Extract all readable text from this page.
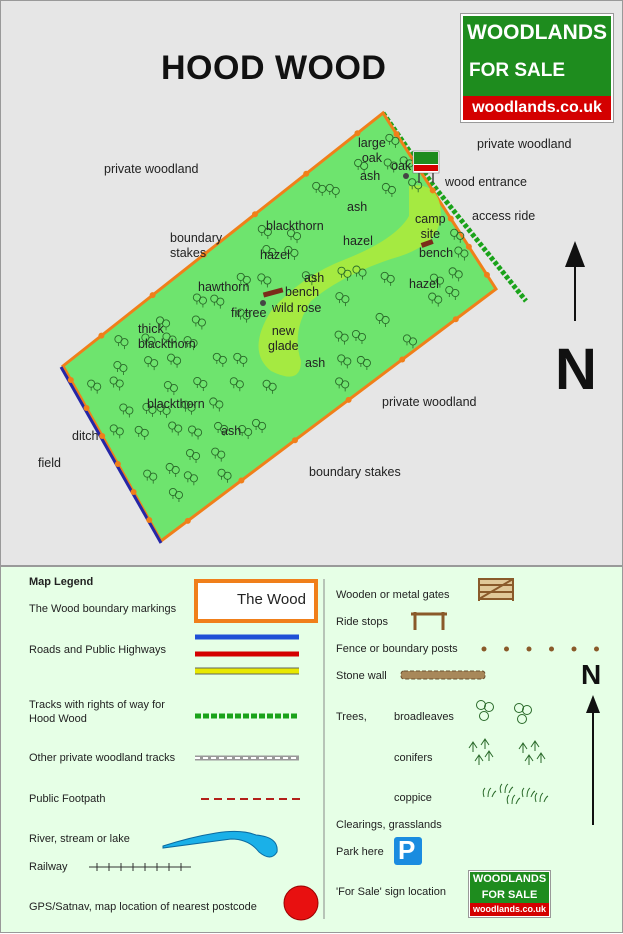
HOOD WOOD
WOODLANDS
FOR SALE
woodlands.co.uk
N
private woodland
private woodland
private woodland
wood entrance
access ride
boundary
stakes
boundary stakes
large
oak
oak
ash
ash
blackthorn
hazel
camp
site
bench
hazel
ash
bench
hazel
hawthorn
wild rose
fir tree
new
glade
ash
thick
blackthorn
blackthorn
ash
ditch
field
Map Legend
The Wood
P
N
The Wood boundary markings
Roads and Public Highways
Tracks with rights of way for
Hood Wood
Other private woodland tracks
Public Footpath
River, stream or lake
Railway
GPS/Satnav, map location of nearest postcode
Wooden or metal gates
Ride stops
Fence or boundary posts
Stone wall
Trees, broadleaves
conifers
coppice
Clearings, grasslands
Park here
'For Sale' sign location
WOODLANDS
FOR SALE
woodlands.co.uk
